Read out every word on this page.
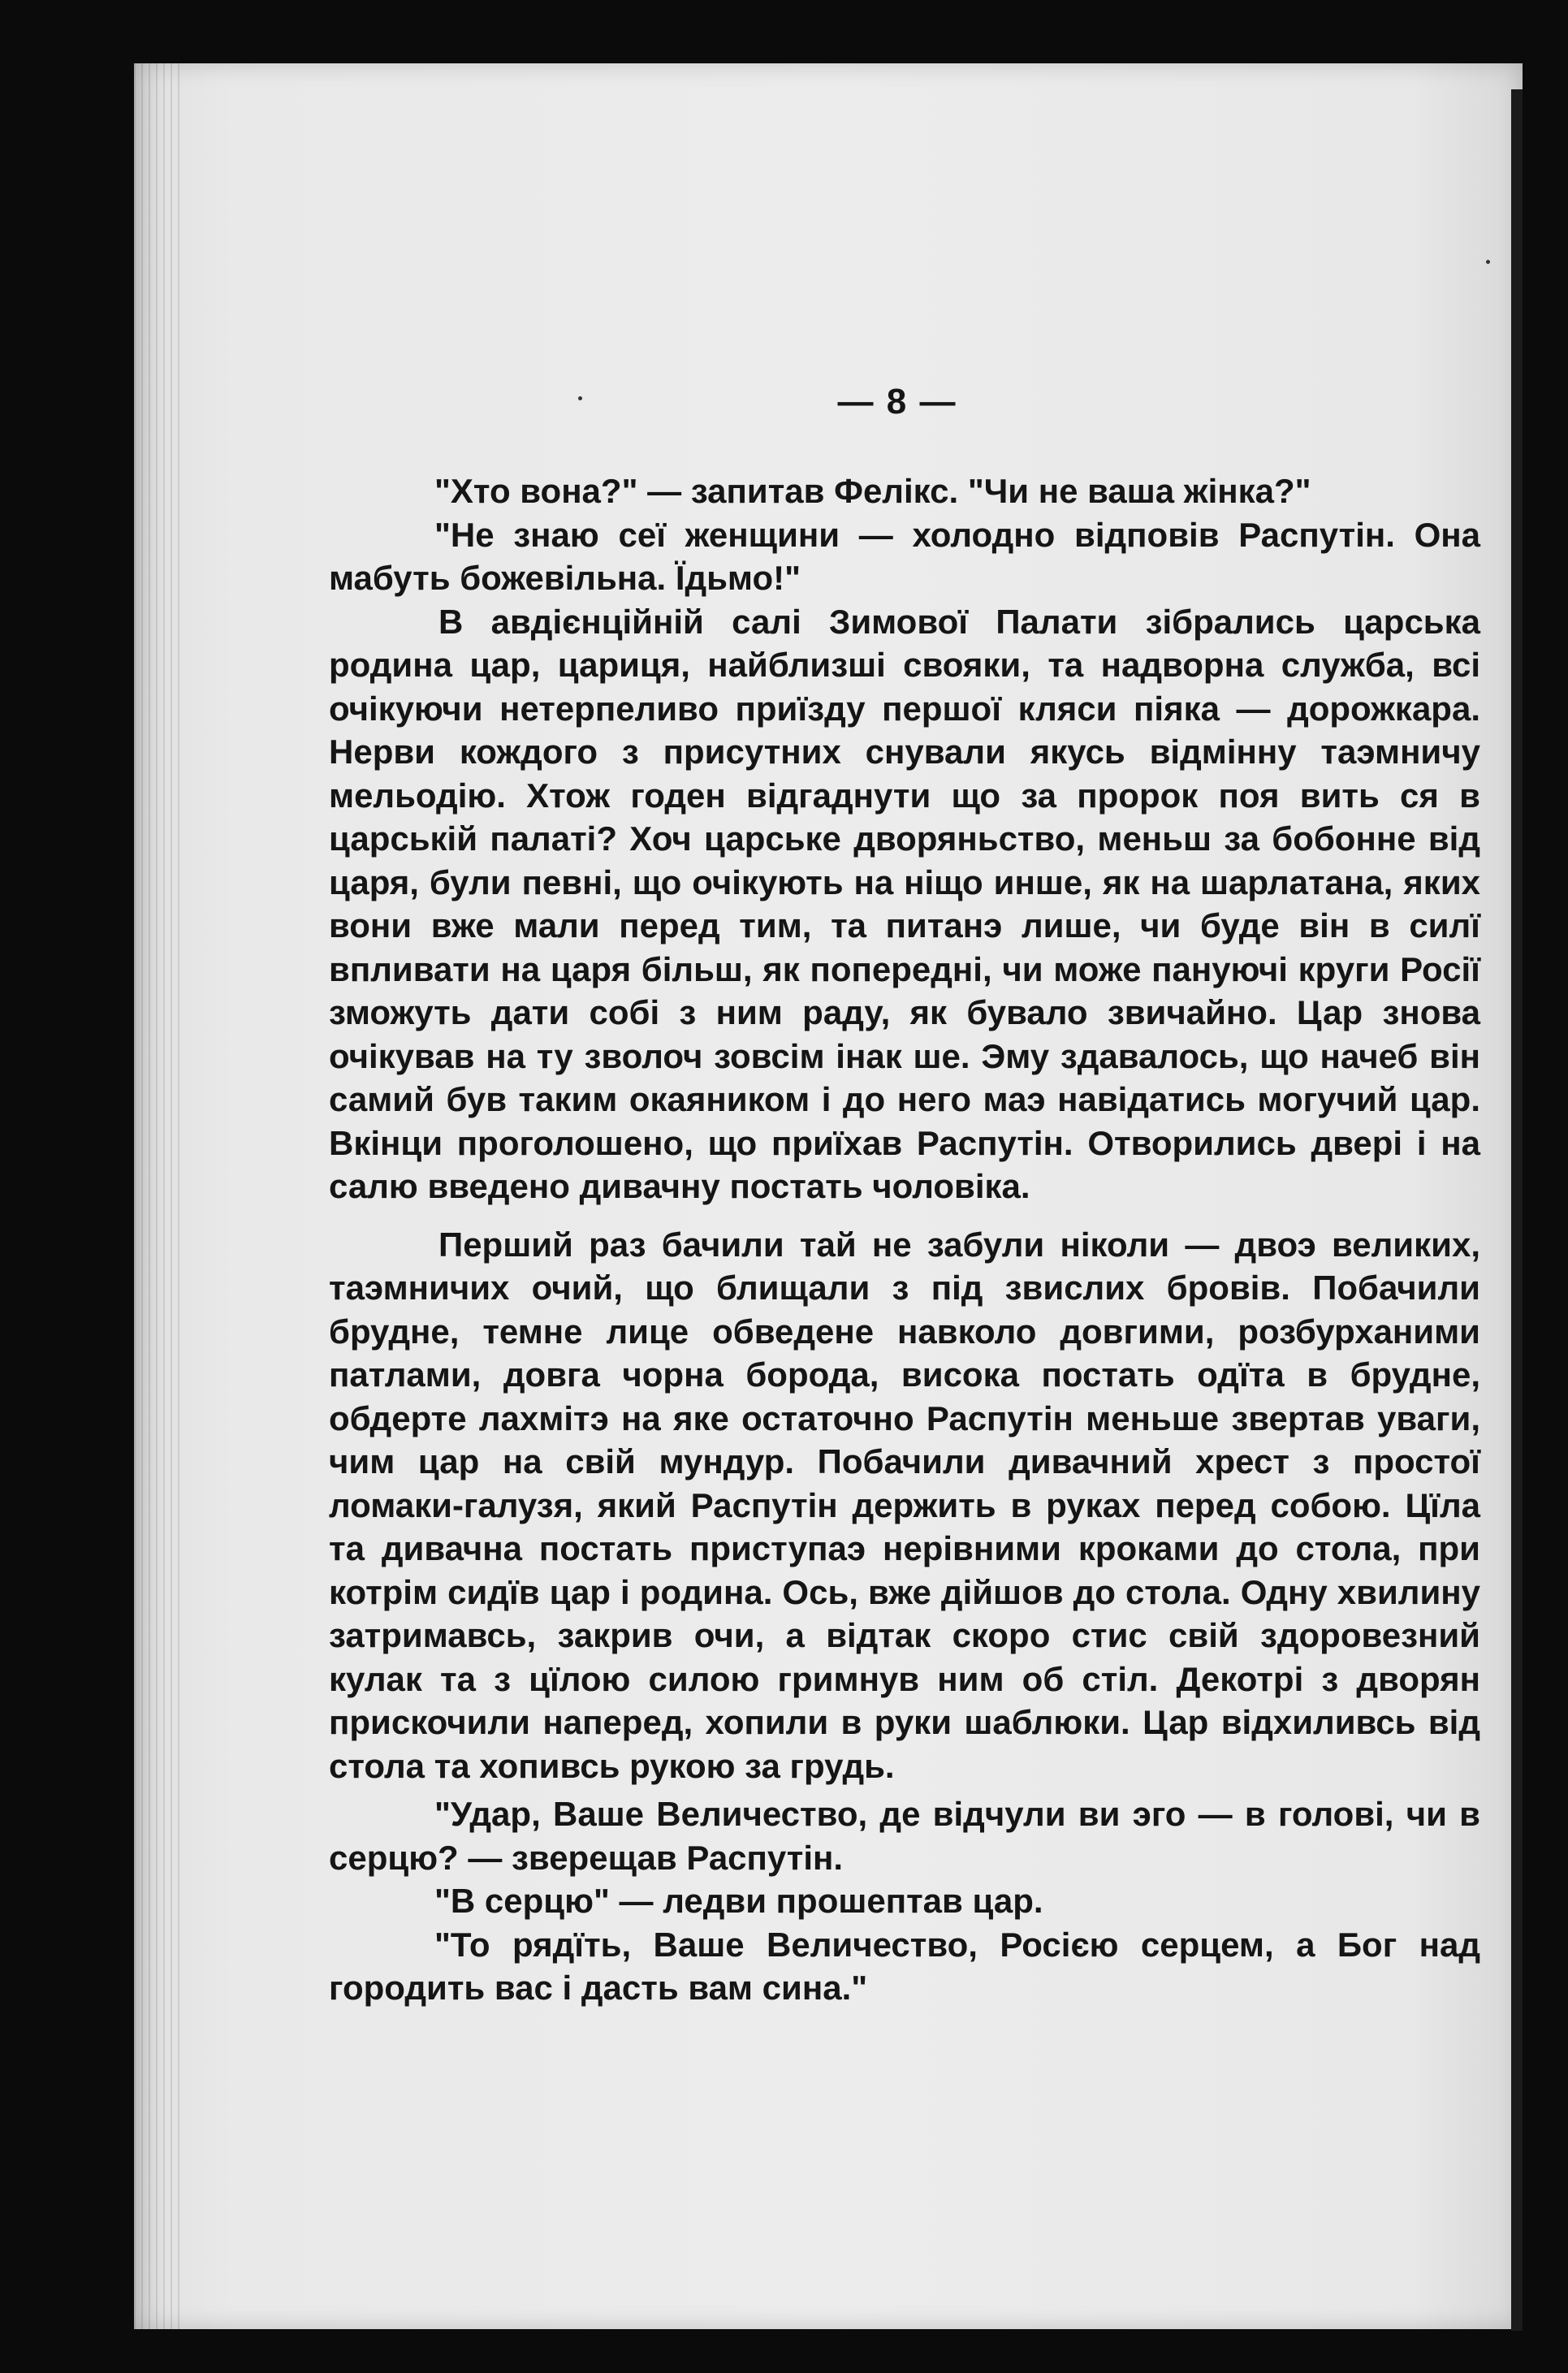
— 8 —

"Хто вона?" — запитав Фелікс. "Чи не ваша жінка?"

"Не знаю сеї женщини — холодно відповів Распутін. Она мабуть божевільна. Їдьмо!"

В авдієнційній салі Зимової Палати зібрались царська родина цар, цариця, найблизші свояки, та надворна служба, всі очікуючи нетерпеливо приїзду першої кляси піяка — дорожкара. Нерви кождого з присутних снували якусь відмінну таэмничу мельодію. Хтож годен відгаднути що за пророк поя вить ся в царській палаті? Хоч царське дворяньство, меньш за бобонне від царя, були певні, що очікують на ніщо инше, як на шарлатана, яких вони вже мали перед тим, та питанэ лише, чи буде він в силї впливати на царя більш, як попередні, чи може пануючі круги Росії зможуть дати собі з ним раду, як бувало звичайно. Цар знова очікував на ту зволоч зовсім інак ше. Эму здавалось, що начеб він самий був таким окаяником і до него маэ навідатись могучий цар. Вкінци проголошено, що приїхав Распутін. Отворились двері і на салю введено дивачну постать чоловіка.

Перший раз бачили тай не забули ніколи — двоэ великих, таэмничих очий, що блищали з під звислих бровів. Побачили брудне, темне лице обведене навколо довгими, розбурханими патлами, довга чорна борода, висока постать одїта в брудне, обдерте лахмітэ на яке остаточно Распутін меньше звертав уваги, чим цар на свій мундур. Побачили дивачний хрест з простої ломаки-галузя, який Распутін держить в руках перед собою. Цїла та дивачна постать приступаэ нерівними кроками до стола, при котрім сидїв цар і родина. Ось, вже дійшов до стола. Одну хвилину затримавсь, закрив очи, а відтак скоро стис свій здоровезний кулак та з цїлою силою гримнув ним об стіл. Декотрі з дворян прискочили наперед, хопили в руки шаблюки. Цар відхиливсь від стола та хопивсь рукою за грудь.

"Удар, Ваше Величество, де відчули ви эго — в голові, чи в серцю? — зверещав Распутін.

"В серцю" — ледви прошептав цар.

"То рядїть, Ваше Величество, Росією серцем, а Бог над городить вас і дасть вам сина."
